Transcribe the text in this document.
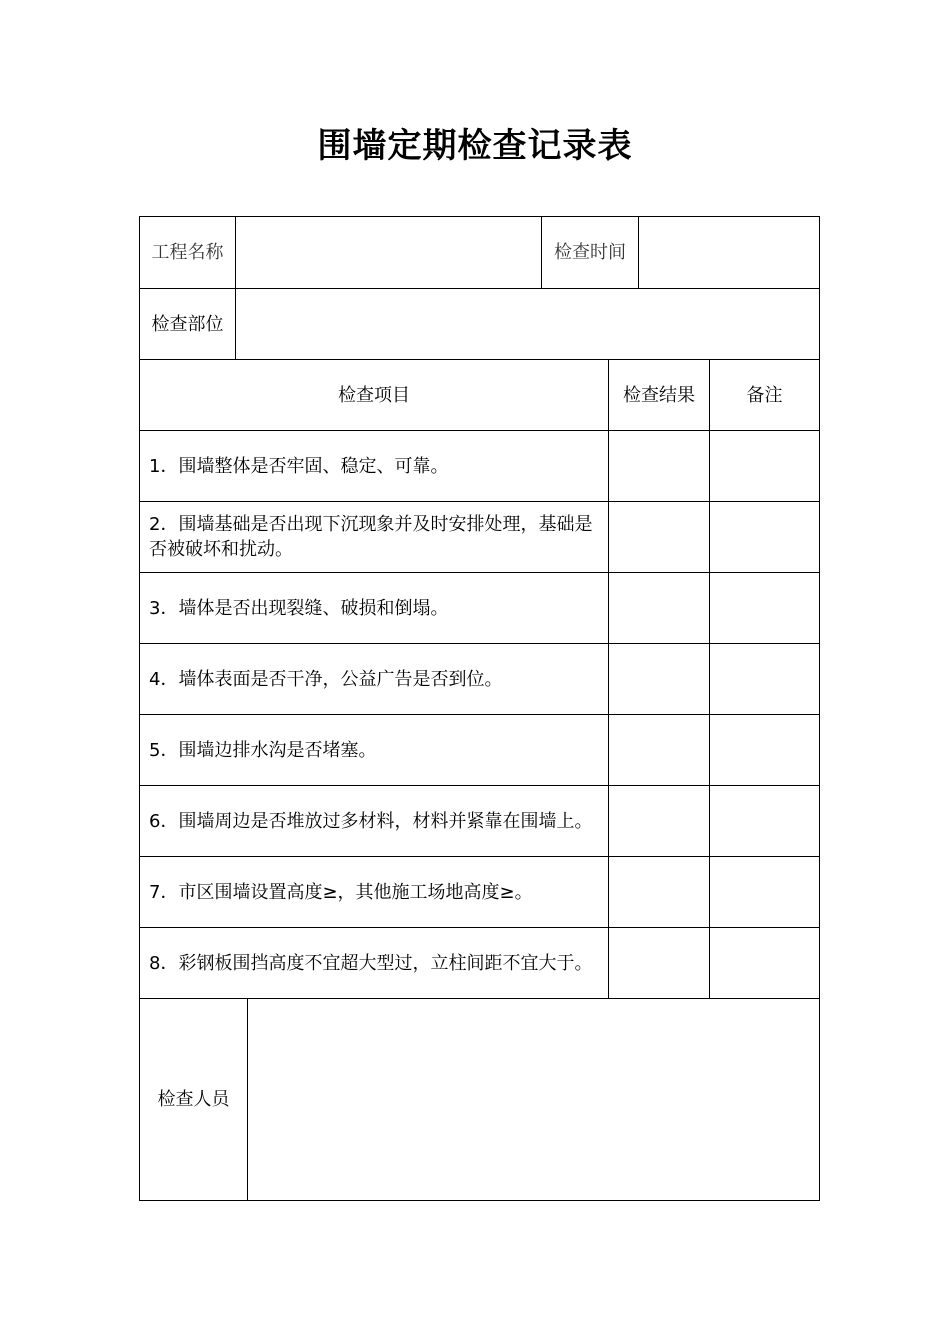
围墙定期检查记录表
工程名称	检查时间
检查部位
检查项目	检查结果	备注
1．围墙整体是否牢固、稳定、可靠。
2．围墙基础是否出现下沉现象并及时安排处理，基础是否被破坏和扰动。
3．墙体是否出现裂缝、破损和倒塌。
4．墙体表面是否干净，公益广告是否到位。
5．围墙边排水沟是否堵塞。
6．围墙周边是否堆放过多材料，材料并紧靠在围墙上。
7．市区围墙设置高度≥，其他施工场地高度≥。
8．彩钢板围挡高度不宜超大型过，立柱间距不宜大于。
检查人员
